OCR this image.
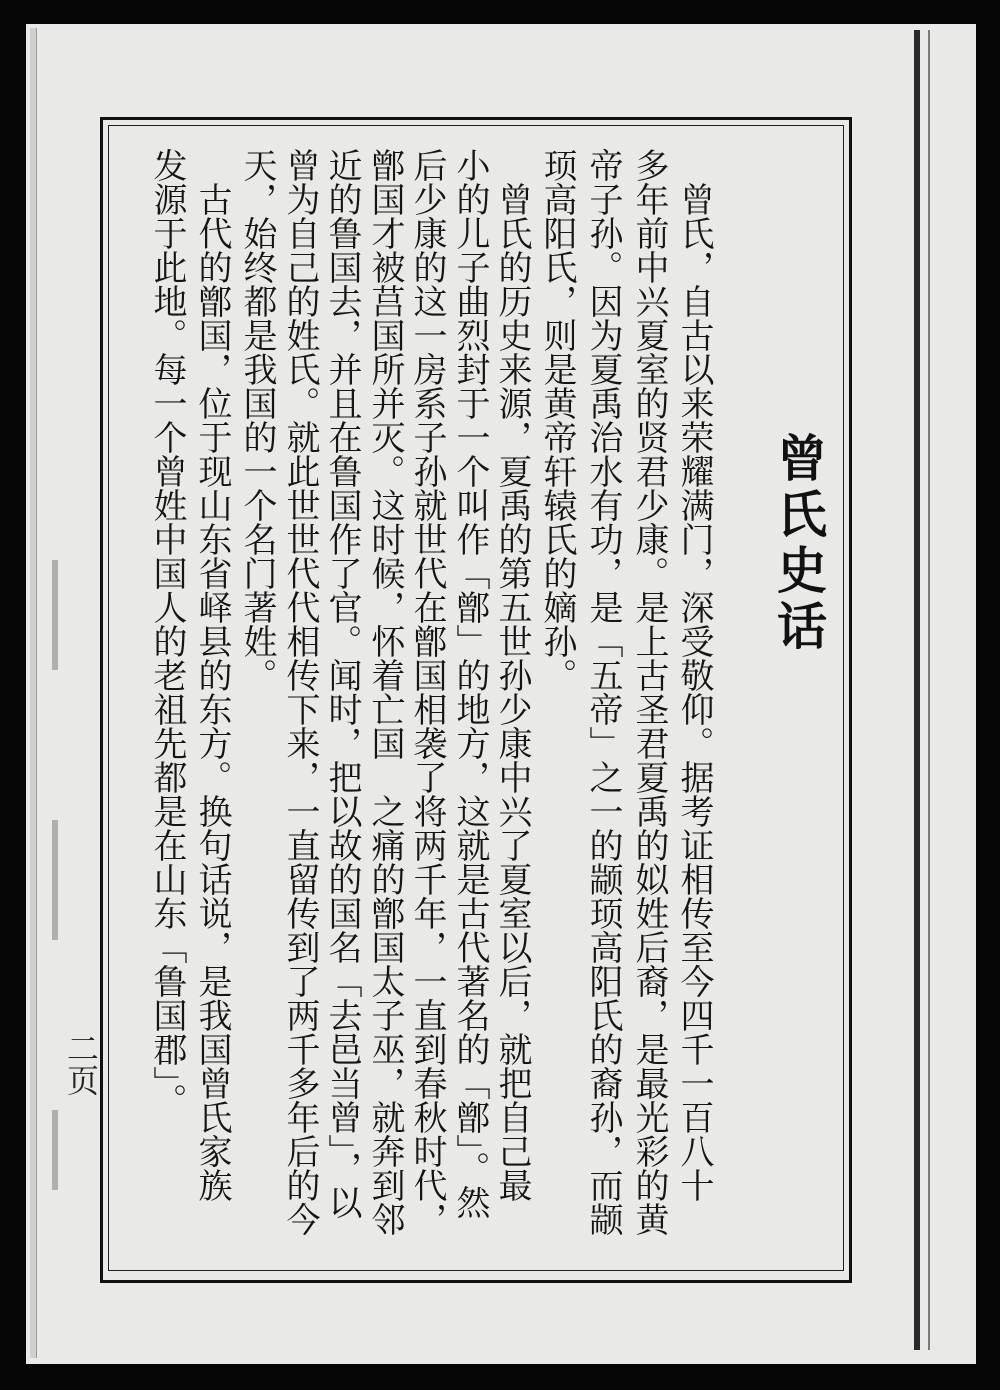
曾氏史话
　曾氏，自古以来荣耀满门，深受敬仰。据考证相传至今四千一百八十
多年前中兴夏室的贤君少康。是上古圣君夏禹的姒姓后裔，是最光彩的黄
帝子孙。因为夏禹治水有功，是「五帝」之一的颛顼高阳氏的裔孙，而颛
顼高阳氏，则是黄帝轩辕氏的嫡孙。
　曾氏的历史来源，夏禹的第五世孙少康中兴了夏室以后，就把自己最
小的儿子曲烈封于一个叫作「鄫」的地方，这就是古代著名的「鄫」。然
后少康的这一房系子孙就世代在鄫国相袭了将两千年，一直到春秋时代，
鄫国才被莒国所并灭。这时候，怀着亡国　之痛的鄫国太子巫，就奔到邻
近的鲁国去，并且在鲁国作了官。闻时，把以故的国名「去邑当曾」，以
曾为自己的姓氏。就此世世代代相传下来，一直留传到了两千多年后的今
天，始终都是我国的一个名门著姓。
　古代的鄫国，位于现山东省峄县的东方。换句话说，是我国曾氏家族
发源于此地。每一个曾姓中国人的老祖先都是在山东「鲁国郡」。
二页
